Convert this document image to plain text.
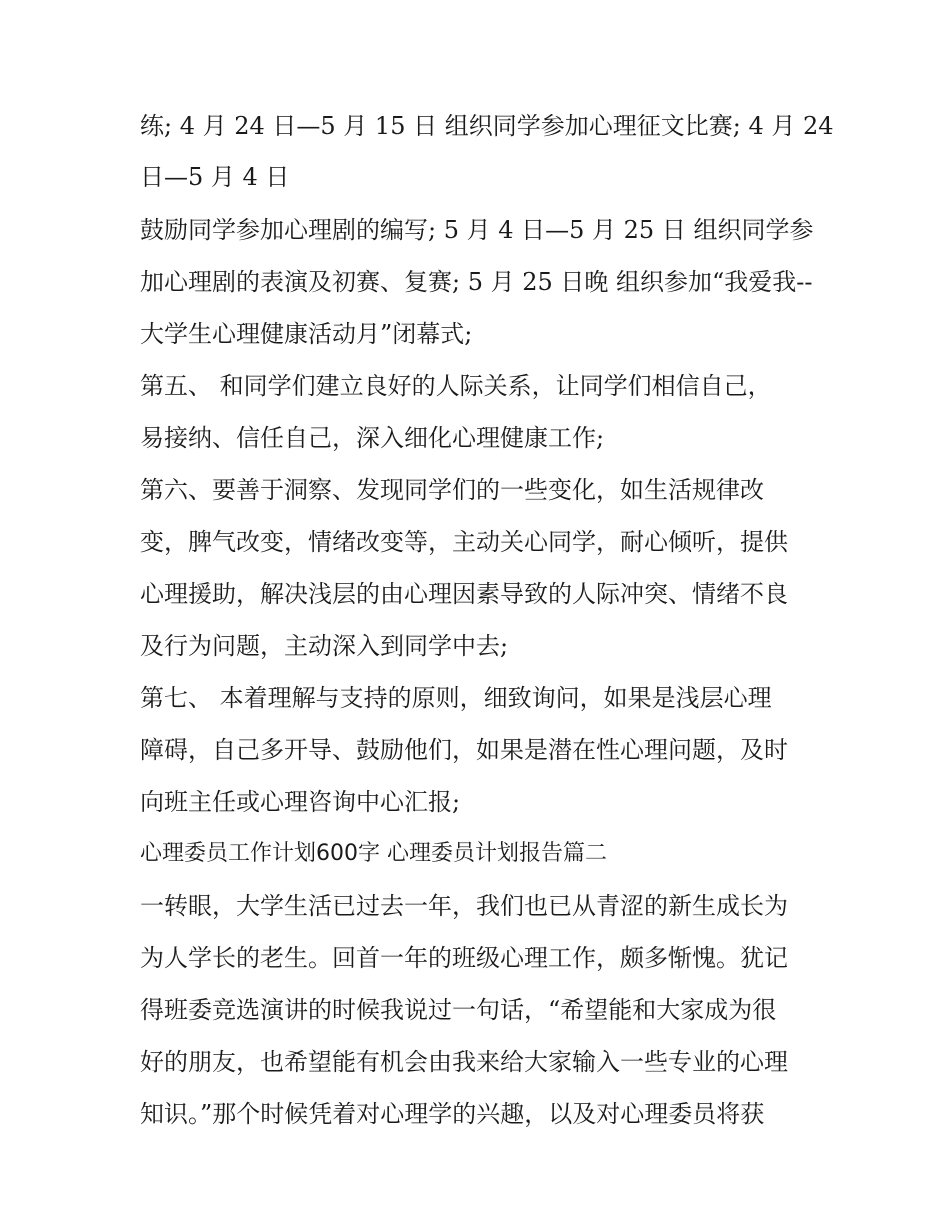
练; 4 月 24 日—5 月 15 日 组织同学参加心理征文比赛; 4 月 24
日—5 月 4 日
鼓励同学参加心理剧的编写; 5 月 4 日—5 月 25 日 组织同学参
加心理剧的表演及初赛、复赛; 5 月 25 日晚 组织参加“我爱我--
大学生心理健康活动月”闭幕式;
第五、 和同学们建立良好的人际关系，让同学们相信自己，
易接纳、信任自己，深入细化心理健康工作;
第六、要善于洞察、发现同学们的一些变化，如生活规律改
变，脾气改变，情绪改变等，主动关心同学，耐心倾听，提供
心理援助，解决浅层的由心理因素导致的人际冲突、情绪不良
及行为问题，主动深入到同学中去;
第七、 本着理解与支持的原则，细致询问，如果是浅层心理
障碍，自己多开导、鼓励他们，如果是潜在性心理问题，及时
向班主任或心理咨询中心汇报;
心理委员工作计划600字 心理委员计划报告篇二
一转眼，大学生活已过去一年，我们也已从青涩的新生成长为
为人学长的老生。回首一年的班级心理工作，颇多惭愧。犹记
得班委竞选演讲的时候我说过一句话，“希望能和大家成为很
好的朋友，也希望能有机会由我来给大家输入一些专业的心理
知识。”那个时候凭着对心理学的兴趣，以及对心理委员将获
